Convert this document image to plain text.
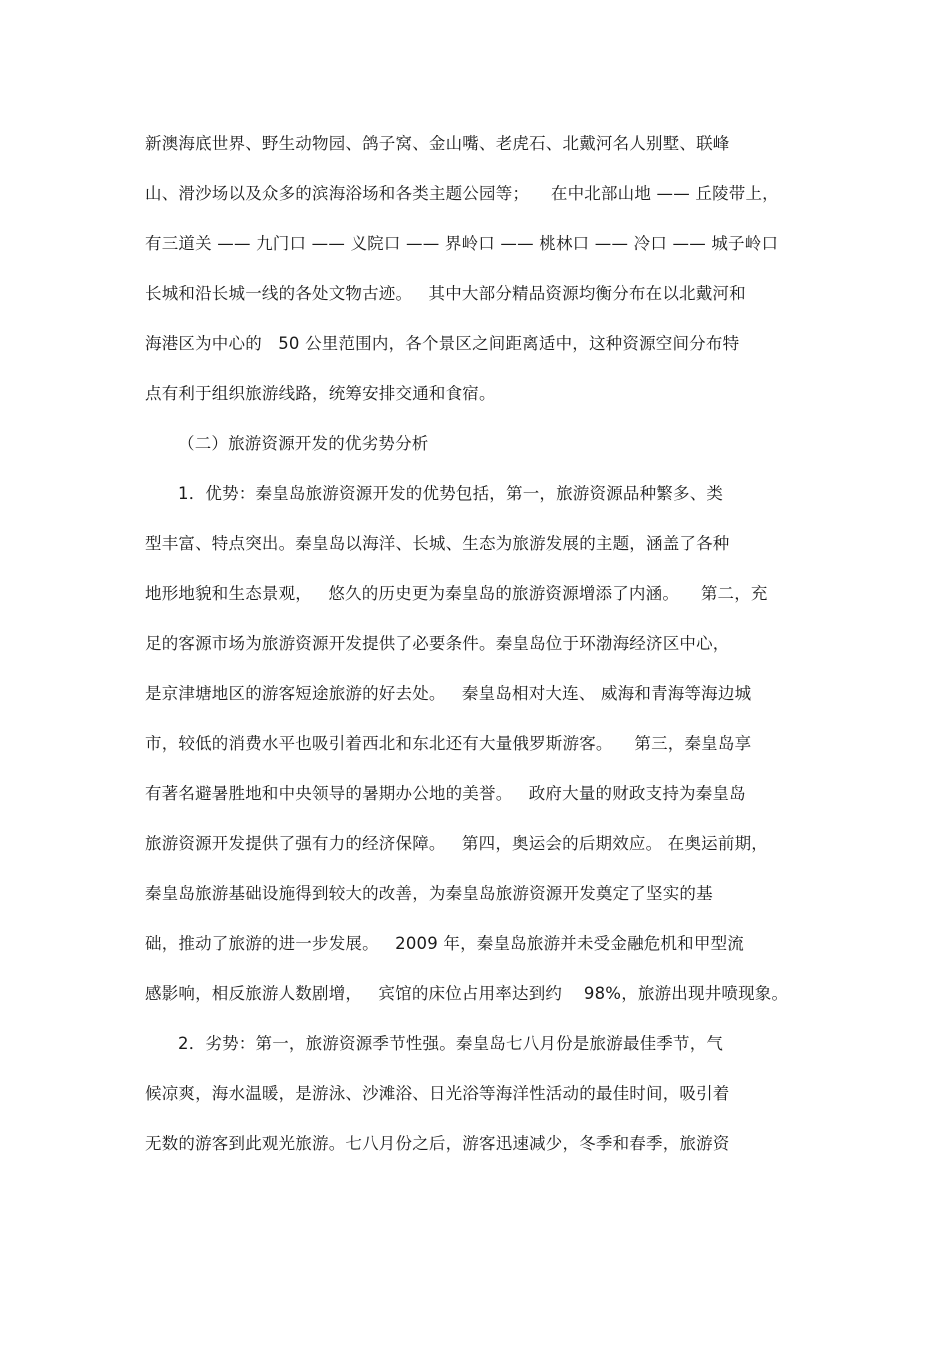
新澳海底世界、野生动物园、鸽子窝、金山嘴、老虎石、北戴河名人别墅、联峰
山、滑沙场以及众多的滨海浴场和各类主题公园等；    在中北部山地 —— 丘陵带上，
有三道关 —— 九门口 —— 义院口 —— 界岭口 —— 桃林口 —— 冷口 —— 城子岭口
长城和沿长城一线的各处文物古迹。   其中大部分精品资源均衡分布在以北戴河和
海港区为中心的   50 公里范围内，各个景区之间距离适中，这种资源空间分布特
点有利于组织旅游线路，统筹安排交通和食宿。
（二）旅游资源开发的优劣势分析
1．优势：秦皇岛旅游资源开发的优势包括，第一，旅游资源品种繁多、类
型丰富、特点突出。秦皇岛以海洋、长城、生态为旅游发展的主题，涵盖了各种
地形地貌和生态景观，   悠久的历史更为秦皇岛的旅游资源增添了内涵。    第二，充
足的客源市场为旅游资源开发提供了必要条件。秦皇岛位于环渤海经济区中心，
是京津塘地区的游客短途旅游的好去处。   秦皇岛相对大连、 威海和青海等海边城
市，较低的消费水平也吸引着西北和东北还有大量俄罗斯游客。    第三，秦皇岛享
有著名避暑胜地和中央领导的暑期办公地的美誉。   政府大量的财政支持为秦皇岛
旅游资源开发提供了强有力的经济保障。   第四，奥运会的后期效应。 在奥运前期，
秦皇岛旅游基础设施得到较大的改善，为秦皇岛旅游资源开发奠定了坚实的基
础，推动了旅游的进一步发展。   2009 年，秦皇岛旅游并未受金融危机和甲型流
感影响，相反旅游人数剧增，   宾馆的床位占用率达到约    98%，旅游出现井喷现象。
2．劣势：第一，旅游资源季节性强。秦皇岛七八月份是旅游最佳季节，气
候凉爽，海水温暖，是游泳、沙滩浴、日光浴等海洋性活动的最佳时间，吸引着
无数的游客到此观光旅游。七八月份之后，游客迅速减少，冬季和春季，旅游资
